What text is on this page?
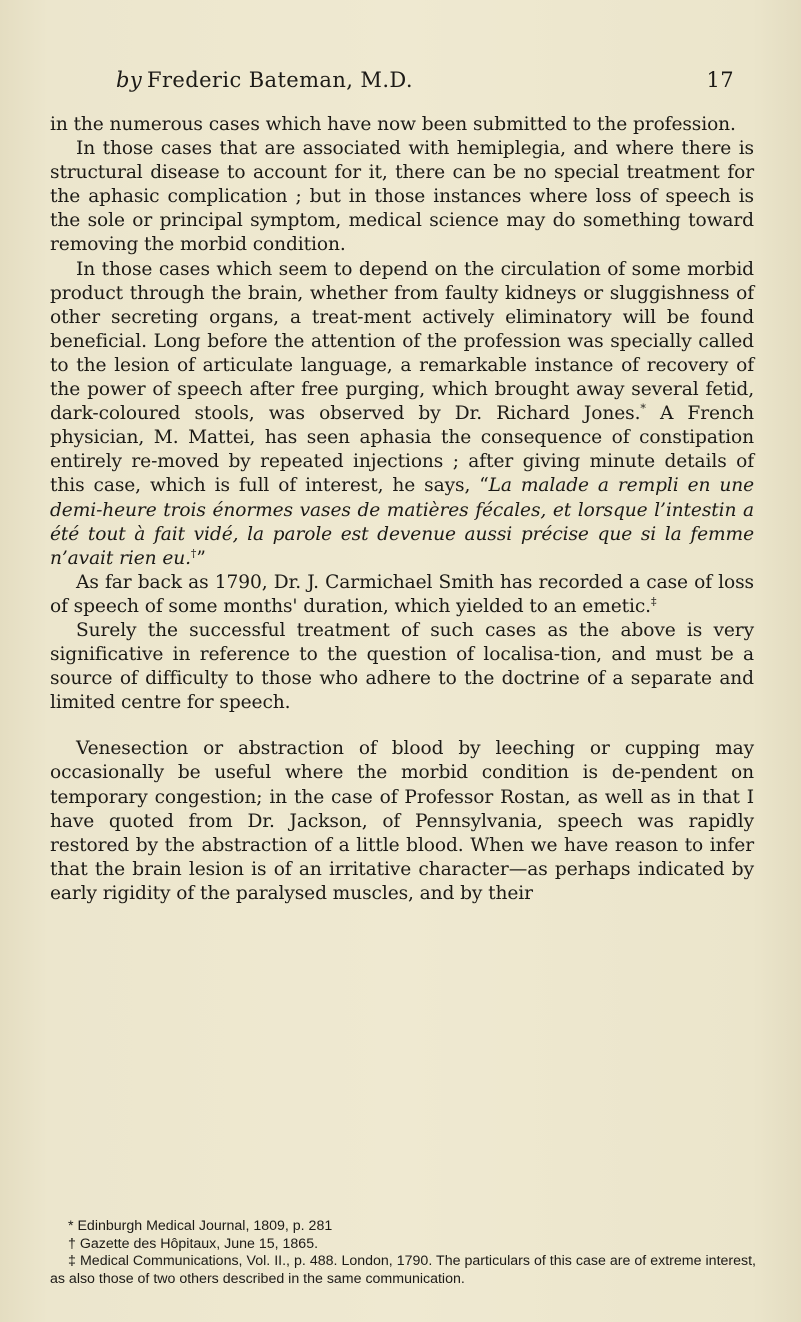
by Frederic Bateman, M.D.	17

in the numerous cases which have now been submitted to the profession.

In those cases that are associated with hemiplegia, and where there is structural disease to account for it, there can be no special treatment for the aphasic complication ; but in those instances where loss of speech is the sole or principal symptom, medical science may do something toward removing the morbid condition.

In those cases which seem to depend on the circulation of some morbid product through the brain, whether from faulty kidneys or sluggishness of other secreting organs, a treat-ment actively eliminatory will be found beneficial. Long before the attention of the profession was specially called to the lesion of articulate language, a remarkable instance of recovery of the power of speech after free purging, which brought away several fetid, dark-coloured stools, was observed by Dr. Richard Jones.* A French physician, M. Mattei, has seen aphasia the consequence of constipation entirely re-moved by repeated injections ; after giving minute details of this case, which is full of interest, he says, “La malade a rempli en une demi-heure trois énormes vases de matières fécales, et lorsque l’intestin a été tout à fait vidé, la parole est devenue aussi précise que si la femme n’avait rien eu.†”

As far back as 1790, Dr. J. Carmichael Smith has recorded a case of loss of speech of some months' duration, which yielded to an emetic.‡

Surely the successful treatment of such cases as the above is very significative in reference to the question of localisa-tion, and must be a source of difficulty to those who adhere to the doctrine of a separate and limited centre for speech.

Venesection or abstraction of blood by leeching or cupping may occasionally be useful where the morbid condition is de-pendent on temporary congestion; in the case of Professor Rostan, as well as in that I have quoted from Dr. Jackson, of Pennsylvania, speech was rapidly restored by the abstraction of a little blood. When we have reason to infer that the brain lesion is of an irritative character—as perhaps indicated by early rigidity of the paralysed muscles, and by their

* Edinburgh Medical Journal, 1809, p. 281

† Gazette des Hôpitaux, June 15, 1865.

‡ Medical Communications, Vol. II., p. 488. London, 1790. The particulars of this case are of extreme interest, as also those of two others described in the same communication.
